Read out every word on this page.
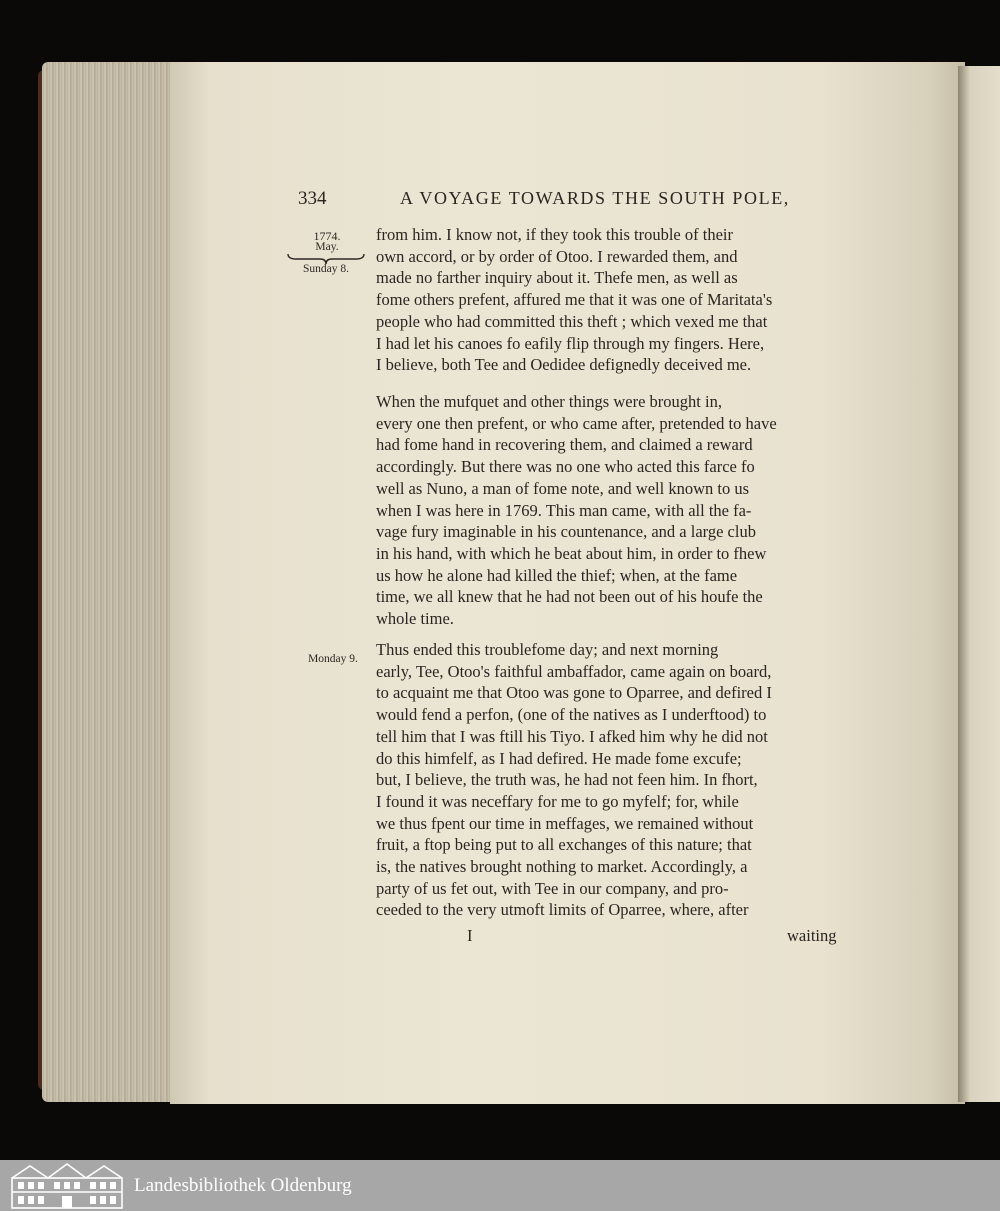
334	A VOYAGE TOWARDS THE SOUTH POLE,
1774.
May.
Sunday 8.
Monday 9.

from him. I know not, if they took this trouble of their
own accord, or by order of Otoo. I rewarded them, and
made no farther inquiry about it. Thefe men, as well as
fome others prefent, affured me that it was one of Maritata's
people who had committed this theft ; which vexed me that
I had let his canoes fo eafily flip through my fingers. Here,
I believe, both Tee and Oedidee defignedly deceived me.

When the mufquet and other things were brought in,
every one then prefent, or who came after, pretended to have
had fome hand in recovering them, and claimed a reward
accordingly. But there was no one who acted this farce fo
well as Nuno, a man of fome note, and well known to us
when I was here in 1769. This man came, with all the fa-
vage fury imaginable in his countenance, and a large club
in his hand, with which he beat about him, in order to fhew
us how he alone had killed the thief; when, at the fame
time, we all knew that he had not been out of his houfe the
whole time.

Thus ended this troublefome day; and next morning
early, Tee, Otoo's faithful ambaffador, came again on board,
to acquaint me that Otoo was gone to Oparree, and defired I
would fend a perfon, (one of the natives as I underftood) to
tell him that I was ftill his Tiyo. I afked him why he did not
do this himfelf, as I had defired. He made fome excufe;
but, I believe, the truth was, he had not feen him. In fhort,
I found it was neceffary for me to go myfelf; for, while
we thus fpent our time in meffages, we remained without
fruit, a ftop being put to all exchanges of this nature; that
is, the natives brought nothing to market. Accordingly, a
party of us fet out, with Tee in our company, and pro-
ceeded to the very utmoft limits of Oparree, where, after

I	waiting
Landesbibliothek Oldenburg
